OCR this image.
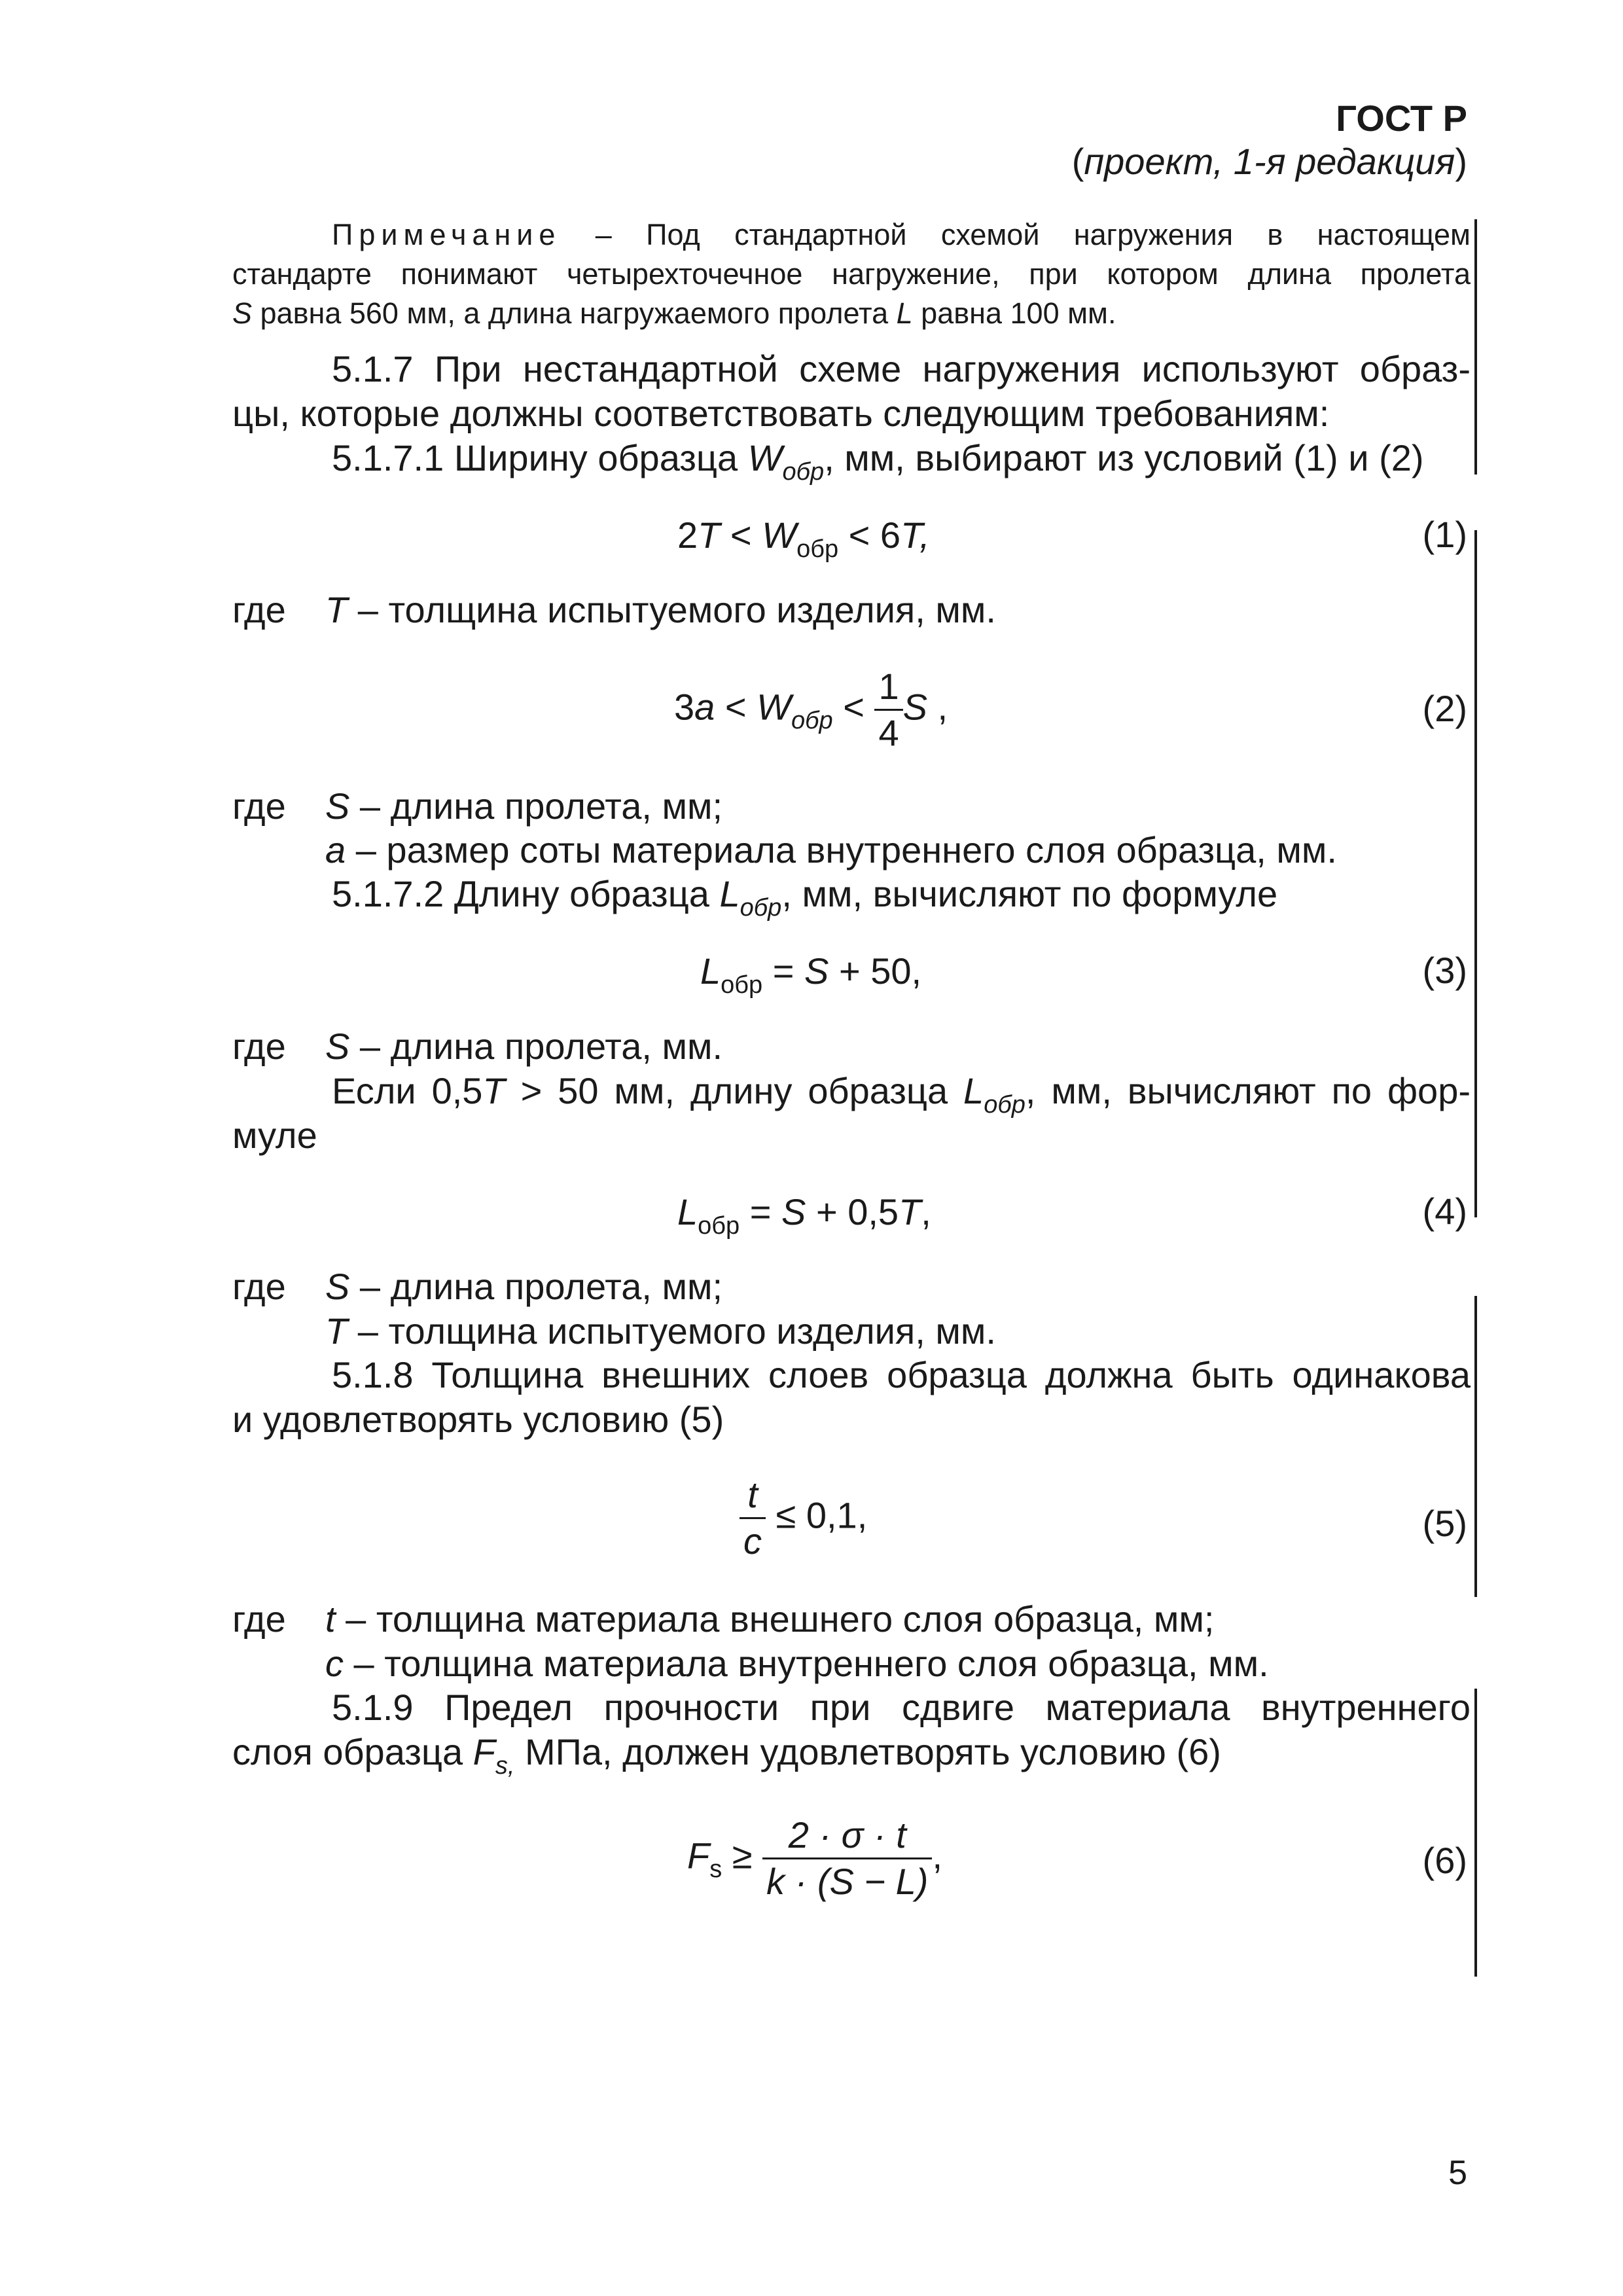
ГОСТ Р
(проект, 1-я редакция)
Примечание – Под стандартной схемой нагружения в настоящем
стандарте понимают четырехточечное нагружение, при котором длина пролета
S равна 560 мм, а длина нагружаемого пролета L равна 100 мм.
5.1.7 При нестандартной схеме нагружения используют образ-
цы, которые должны соответствовать следующим требованиям:
5.1.7.1 Ширину образца $W_{обр}$, мм, выбирают из условий (1) и (2)
$2T < W_{обр} < 6T$,	(1)
где T – толщина испытуемого изделия, мм.
$3a < W_{обр} < \frac{1}{4}$ S ,	(2)
где S – длина пролета, мм;
a – размер соты материала внутреннего слоя образца, мм.
5.1.7.2 Длину образца $L_{обр}$, мм, вычисляют по формуле
$L_{обр} = S + 50$,	(3)
где S – длина пролета, мм.
Если 0,5T > 50 мм, длину образца $L_{обр}$, мм, вычисляют по фор-
муле
$L_{обр} = S + 0,5T$,	(4)
где S – длина пролета, мм;
T – толщина испытуемого изделия, мм.
5.1.8 Толщина внешних слоев образца должна быть одинакова
и удовлетворять условию (5)
$\frac{t}{c} \le 0,1$,	(5)
где t – толщина материала внешнего слоя образца, мм;
c – толщина материала внутреннего слоя образца, мм.
5.1.9 Предел прочности при сдвиге материала внутреннего
слоя образца $F_{s,}$ МПа, должен удовлетворять условию (6)
$F_s \ge \frac{2 \cdot \sigma \cdot t}{k \cdot (S - L)}$ ,	(6)
5
